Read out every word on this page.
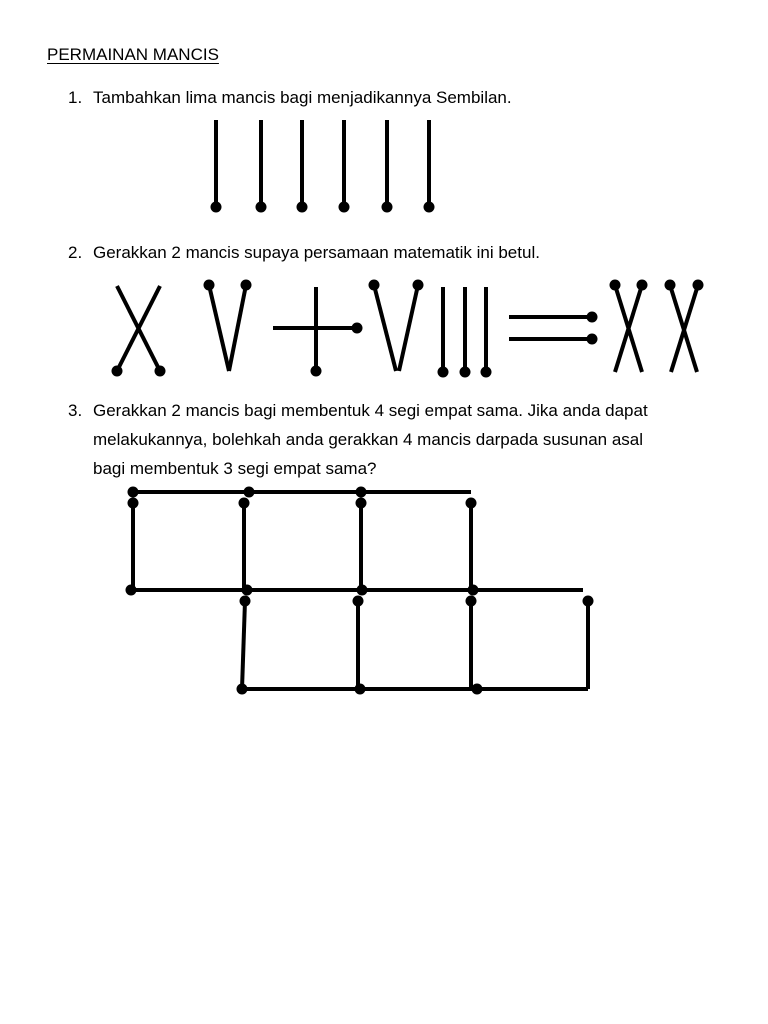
PERMAINAN MANCIS
1. Tambahkan lima mancis bagi menjadikannya Sembilan.
2. Gerakkan 2 mancis supaya persamaan matematik ini betul.
3. Gerakkan 2 mancis bagi membentuk 4 segi empat sama. Jika anda dapat
melakukannya, bolehkah anda gerakkan 4 mancis darpada susunan asal
bagi membentuk 3 segi empat sama?
